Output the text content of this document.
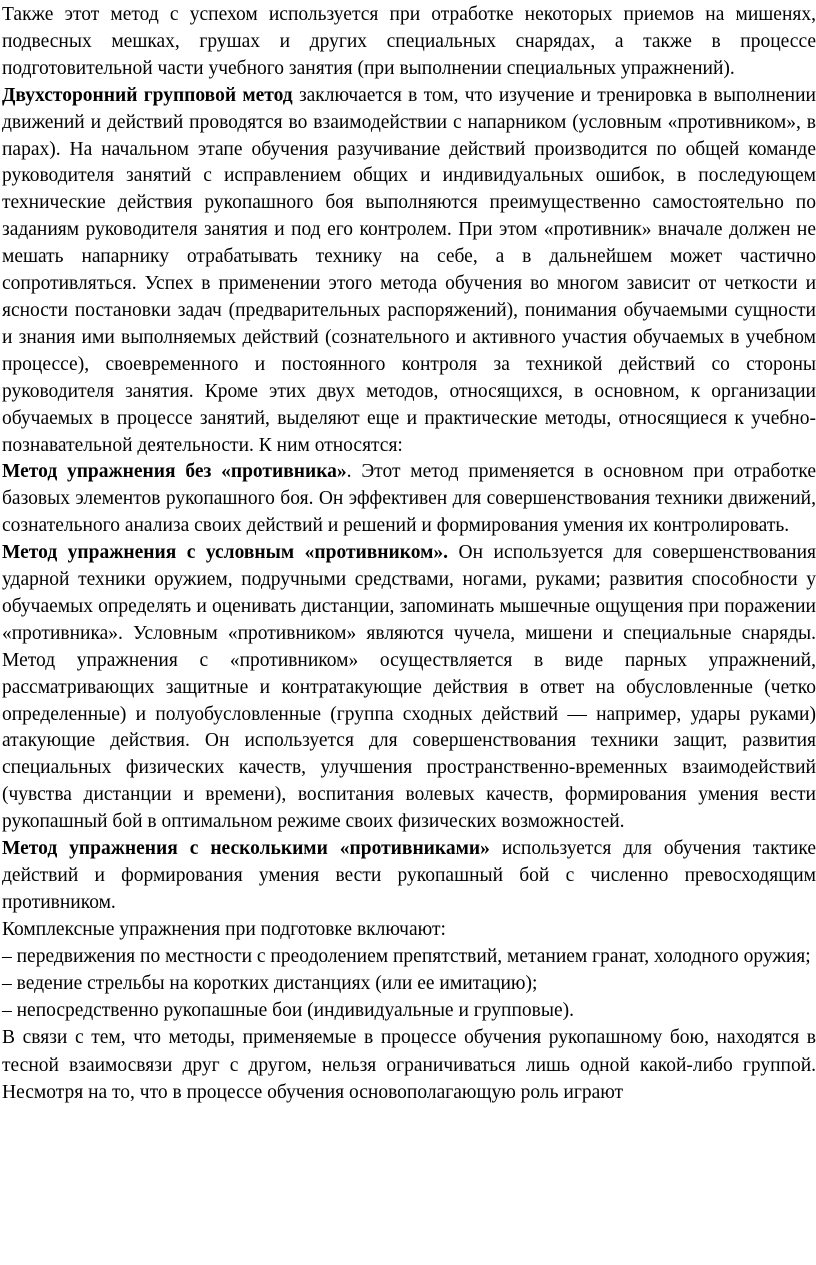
Также этот метод с успехом используется при отработке некоторых приемов на мишенях, подвесных мешках, грушах и других специальных снарядах, а также в процессе подготовительной части учебного занятия (при выполнении специальных упражнений).

Двухсторонний групповой метод заключается в том, что изучение и тренировка в выполнении движений и действий проводятся во взаимодействии с напарником (условным «противником», в парах). На начальном этапе обучения разучивание действий производится по общей команде руководителя занятий с исправлением общих и индивидуальных ошибок, в последующем технические действия рукопашного боя выполняются преимущественно самостоятельно по заданиям руководителя занятия и под его контролем. При этом «противник» вначале должен не мешать напарнику отрабатывать технику на себе, а в дальнейшем может частично сопротивляться. Успех в применении этого метода обучения во многом зависит от четкости и ясности постановки задач (предварительных распоряжений), понимания обучаемыми сущности и знания ими выполняемых действий (сознательного и активного участия обучаемых в учебном процессе), своевременного и постоянного контроля за техникой действий со стороны руководителя занятия. Кроме этих двух методов, относящихся, в основном, к организации обучаемых в процессе занятий, выделяют еще и практические методы, относящиеся к учебно-познавательной деятельности. К ним относятся:

Метод упражнения без «противника». Этот метод применяется в основном при отработке базовых элементов рукопашного боя. Он эффективен для совершенствования техники движений, сознательного анализа своих действий и решений и формирования умения их контролировать.

Метод упражнения с условным «противником». Он используется для совершенствования ударной техники оружием, подручными средствами, ногами, руками; развития способности у обучаемых определять и оценивать дистанции, запоминать мышечные ощущения при поражении «противника». Условным «противником» являются чучела, мишени и специальные снаряды. Метод упражнения с «противником» осуществляется в виде парных упражнений, рассматривающих защитные и контратакующие действия в ответ на обусловленные (четко определенные) и полуобусловленные (группа сходных действий — например, удары руками) атакующие действия. Он используется для совершенствования техники защит, развития специальных физических качеств, улучшения пространственно-временных взаимодействий (чувства дистанции и времени), воспитания волевых качеств, формирования умения вести рукопашный бой в оптимальном режиме своих физических возможностей.

Метод упражнения с несколькими «противниками» используется для обучения тактике действий и формирования умения вести рукопашный бой с численно превосходящим противником.

Комплексные упражнения при подготовке включают:

– передвижения по местности с преодолением препятствий, метанием гранат, холодного оружия;

– ведение стрельбы на коротких дистанциях (или ее имитацию);

– непосредственно рукопашные бои (индивидуальные и групповые).

В связи с тем, что методы, применяемые в процессе обучения рукопашному бою, находятся в тесной взаимосвязи друг с другом, нельзя ограничиваться лишь одной какой-либо группой. Несмотря на то, что в процессе обучения основополагающую роль играют
